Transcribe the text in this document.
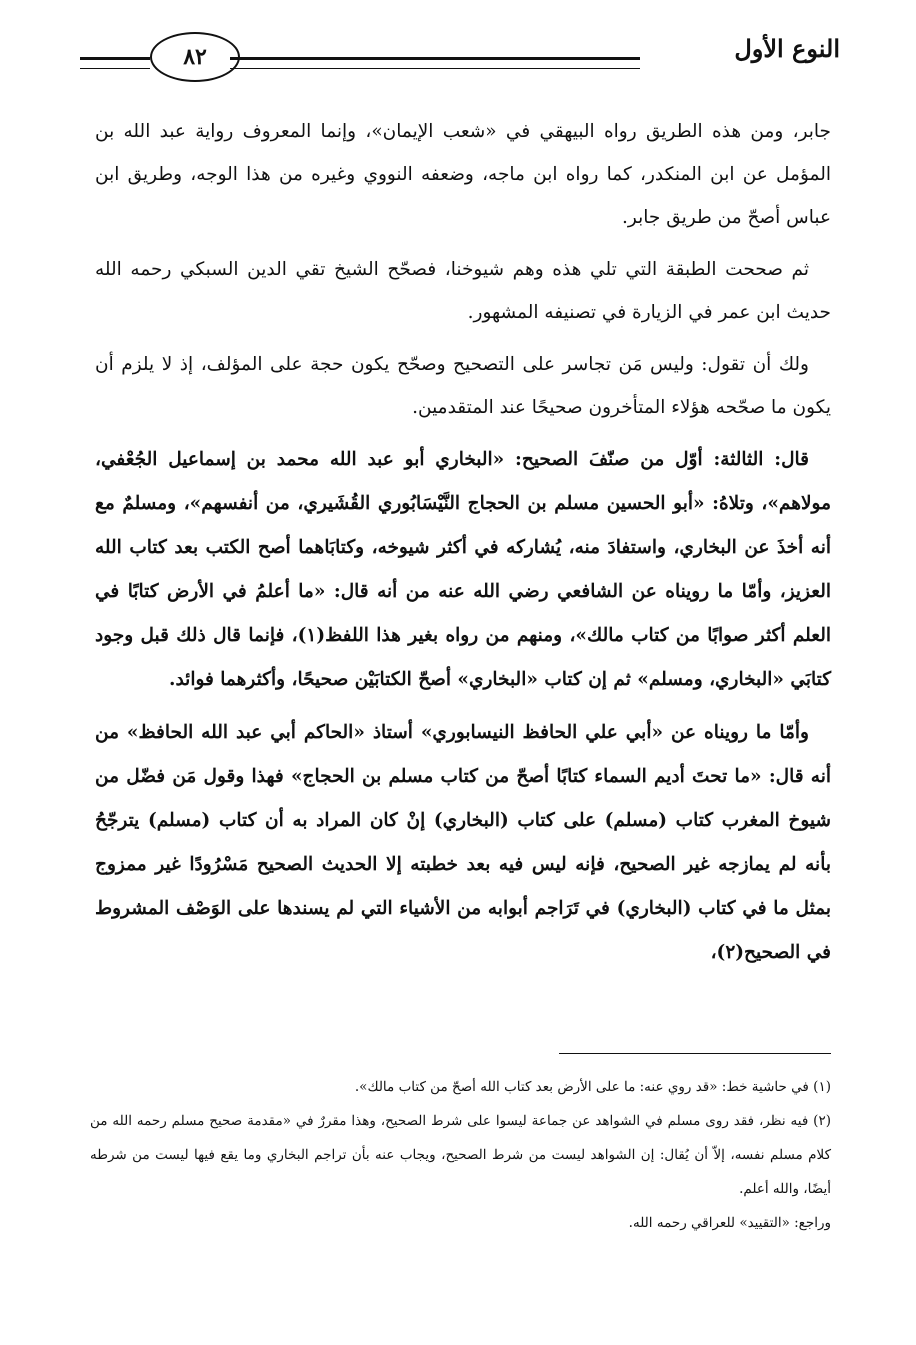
٨٢	النوع الأول

جابر، ومن هذه الطريق رواه البيهقي في «شعب الإيمان»، وإنما المعروف رواية عبد الله بن المؤمل عن ابن المنكدر، كما رواه ابن ماجه، وضعفه النووي وغيره من هذا الوجه، وطريق ابن عباس أصحّ من طريق جابر.

ثم صححت الطبقة التي تلي هذه وهم شيوخنا، فصحّح الشيخ تقي الدين السبكي رحمه الله حديث ابن عمر في الزيارة في تصنيفه المشهور.

ولك أن تقول: وليس مَن تجاسر على التصحيح وصحّح يكون حجة على المؤلف، إذ لا يلزم أن يكون ما صحّحه هؤلاء المتأخرون صحيحًا عند المتقدمين.

قال: الثالثة: أوّل من صنّفَ الصحيح: «البخاري أبو عبد الله محمد بن إسماعيل الجُعْفي، مولاهم»، وتلاهُ: «أبو الحسين مسلم بن الحجاج النَّيْسَابُوري القُشَيري، من أنفسهم»، ومسلمٌ مع أنه أخذَ عن البخاري، واستفادَ منه، يُشاركه في أكثر شيوخه، وكتابَاهما أصح الكتب بعد كتاب الله العزيز، وأمّا ما رويناه عن الشافعي رضي الله عنه من أنه قال: «ما أعلمُ في الأرض كتابًا في العلم أكثر صوابًا من كتاب مالك»، ومنهم من رواه بغير هذا اللفظ(١)، فإنما قال ذلك قبل وجود كتابَي «البخاري، ومسلم» ثم إن كتاب «البخاري» أصحّ الكتابَيْن صحيحًا، وأكثرهما فوائد.

وأمّا ما رويناه عن «أبي علي الحافظ النيسابوري» أستاذ «الحاكم أبي عبد الله الحافظ» من أنه قال: «ما تحتَ أديم السماء كتابًا أصحّ من كتاب مسلم بن الحجاج» فهذا وقول مَن فضّل من شيوخ المغرب كتاب (مسلم) على كتاب (البخاري) إنْ كان المراد به أن كتاب (مسلم) يترجّحُ بأنه لم يمازجه غير الصحيح، فإنه ليس فيه بعد خطبته إلا الحديث الصحيح مَسْرُودًا غير ممزوج بمثل ما في كتاب (البخاري) في تَرَاجم أبوابه من الأشياء التي لم يسندها على الوَصْف المشروط في الصحيح(٢)،

(١) في حاشية خط: «قد روي عنه: ما على الأرض بعد كتاب الله أصحّ من كتاب مالك».

(٢) فيه نظر، فقد روى مسلم في الشواهد عن جماعة ليسوا على شرط الصحيح، وهذا مقررٌ في «مقدمة صحيح مسلم رحمه الله من كلام مسلم نفسه، إلاّ أن يُقال: إن الشواهد ليست من شرط الصحيح، ويجاب عنه بأن تراجم البخاري وما يقع فيها ليست من شرطه أيضًا، والله أعلم.

وراجع: «التقييد» للعراقي رحمه الله.
